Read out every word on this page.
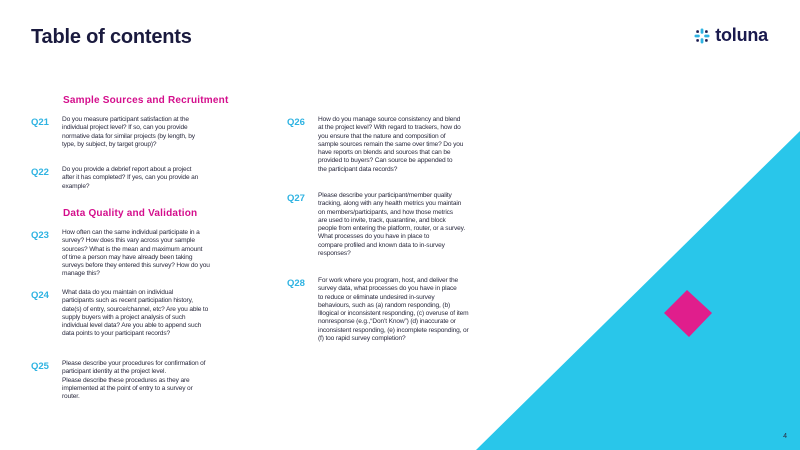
Table of contents	toluna
Sample Sources and Recruitment
Q21 Do you measure participant satisfaction at the
individual project level? If so, can you provide
normative data for similar projects (by length, by
type, by subject, by target group)?
Q22 Do you provide a debrief report about a project
after it has completed? If yes, can you provide an
example?
Data Quality and Validation
Q23 How often can the same individual participate in a
survey? How does this vary across your sample
sources? What is the mean and maximum amount
of time a person may have already been taking
surveys before they entered this survey? How do you
manage this?
Q24 What data do you maintain on individual
participants such as recent participation history,
date(s) of entry, source/channel, etc? Are you able to
supply buyers with a project analysis of such
individual level data? Are you able to append such
data points to your participant records?
Q25 Please describe your procedures for confirmation of
participant identity at the project level.
Please describe these procedures as they are
implemented at the point of entry to a survey or
router.
Q26 How do you manage source consistency and blend
at the project level? With regard to trackers, how do
you ensure that the nature and composition of
sample sources remain the same over time? Do you
have reports on blends and sources that can be
provided to buyers? Can source be appended to
the participant data records?
Q27 Please describe your participant/member quality
tracking, along with any health metrics you maintain
on members/participants, and how those metrics
are used to invite, track, quarantine, and block
people from entering the platform, router, or a survey.
What processes do you have in place to
compare profiled and known data to in-survey
responses?
Q28 For work where you program, host, and deliver the
survey data, what processes do you have in place
to reduce or eliminate undesired in-survey
behaviours, such as (a) random responding, (b)
Illogical or inconsistent responding, (c) overuse of item
nonresponse (e.g.,“Don’t Know”) (d) inaccurate or
inconsistent responding, (e) incomplete responding, or
(f) too rapid survey completion?
4
